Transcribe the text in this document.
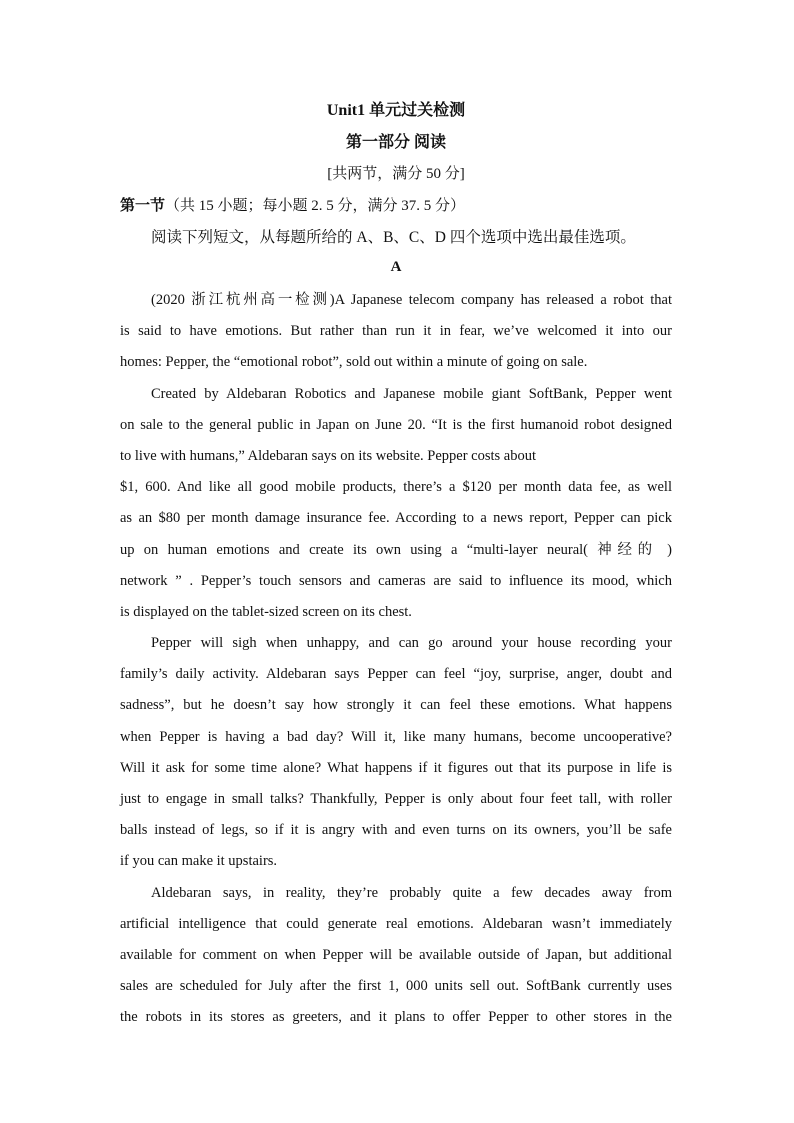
Unit1 单元过关检测
第一部分 阅读
[共两节，满分 50 分]
第一节（共 15 小题；每小题 2. 5 分，满分 37. 5 分）
阅读下列短文，从每题所给的 A、B、C、D 四个选项中选出最佳选项。
A
(2020 浙江杭州高一检测)A Japanese telecom company has released a robot that
is said to have emotions. But rather than run it in fear, we’ve welcomed it into our
homes: Pepper, the “emotional robot”, sold out within a minute of going on sale.
Created by Aldebaran Robotics and Japanese mobile giant SoftBank, Pepper went
on sale to the general public in Japan on June 20. “It is the first humanoid robot designed
to live with humans,” Aldebaran says on its website. Pepper costs about
$1, 600. And like all good mobile products, there’s a $120 per month data fee, as well
as an $80 per month damage insurance fee. According to a news report, Pepper can pick
up on human emotions and create its own using a “multi-layer neural( 神经的 )
network ” . Pepper’s touch sensors and cameras are said to influence its mood, which
is displayed on the tablet-sized screen on its chest.
Pepper will sigh when unhappy, and can go around your house recording your
family’s daily activity. Aldebaran says Pepper can feel “joy, surprise, anger, doubt and
sadness”, but he doesn’t say how strongly it can feel these emotions. What happens
when Pepper is having a bad day? Will it, like many humans, become uncooperative?
Will it ask for some time alone? What happens if it figures out that its purpose in life is
just to engage in small talks? Thankfully, Pepper is only about four feet tall, with roller
balls instead of legs, so if it is angry with and even turns on its owners, you’ll be safe
if you can make it upstairs.
Aldebaran says, in reality, they’re probably quite a few decades away from
artificial intelligence that could generate real emotions. Aldebaran wasn’t immediately
available for comment on when Pepper will be available outside of Japan, but additional
sales are scheduled for July after the first 1, 000 units sell out. SoftBank currently uses
the robots in its stores as greeters, and it plans to offer Pepper to other stores in the
